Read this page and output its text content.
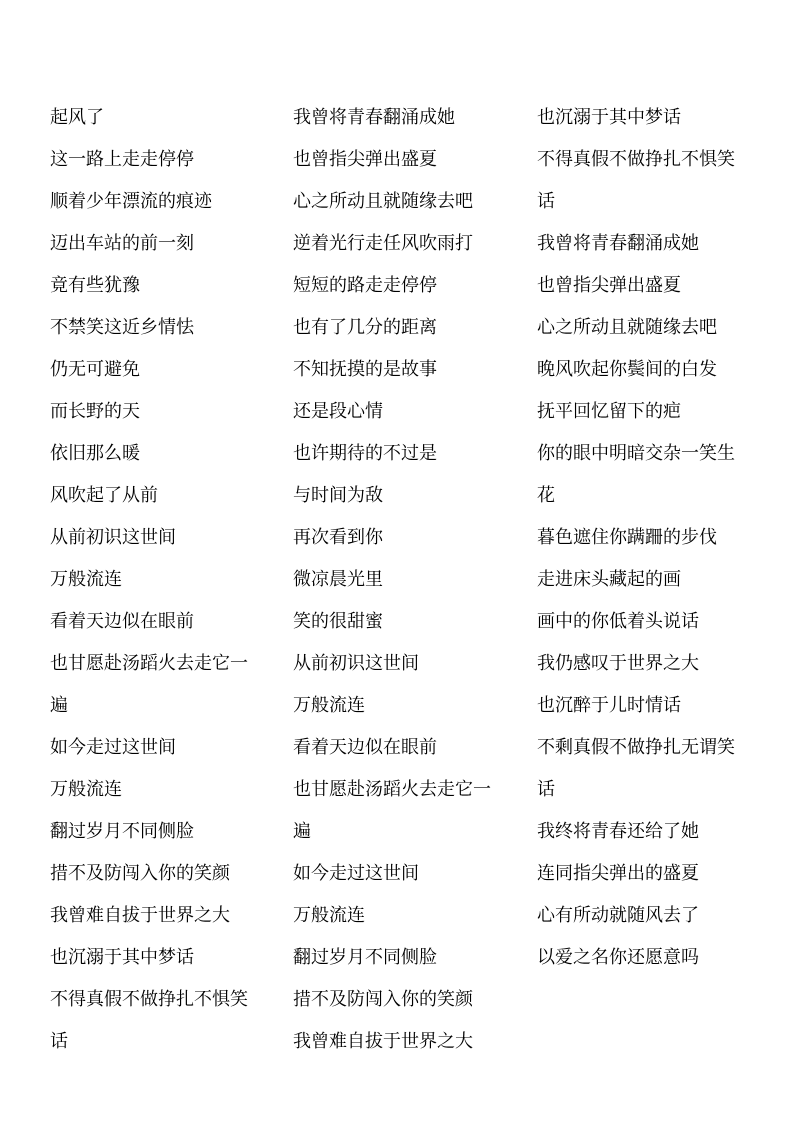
起风了
这一路上走走停停
顺着少年漂流的痕迹
迈出车站的前一刻
竟有些犹豫
不禁笑这近乡情怯
仍无可避免
而长野的天
依旧那么暖
风吹起了从前
从前初识这世间
万般流连
看着天边似在眼前
也甘愿赴汤蹈火去走它一
遍
如今走过这世间
万般流连
翻过岁月不同侧脸
措不及防闯入你的笑颜
我曾难自拔于世界之大
也沉溺于其中梦话
不得真假不做挣扎不惧笑
话
我曾将青春翻涌成她
也曾指尖弹出盛夏
心之所动且就随缘去吧
逆着光行走任风吹雨打
短短的路走走停停
也有了几分的距离
不知抚摸的是故事
还是段心情
也许期待的不过是
与时间为敌
再次看到你
微凉晨光里
笑的很甜蜜
从前初识这世间
万般流连
看着天边似在眼前
也甘愿赴汤蹈火去走它一
遍
如今走过这世间
万般流连
翻过岁月不同侧脸
措不及防闯入你的笑颜
我曾难自拔于世界之大
也沉溺于其中梦话
不得真假不做挣扎不惧笑
话
我曾将青春翻涌成她
也曾指尖弹出盛夏
心之所动且就随缘去吧
晚风吹起你鬓间的白发
抚平回忆留下的疤
你的眼中明暗交杂一笑生
花
暮色遮住你蹒跚的步伐
走进床头藏起的画
画中的你低着头说话
我仍感叹于世界之大
也沉醉于儿时情话
不剩真假不做挣扎无谓笑
话
我终将青春还给了她
连同指尖弹出的盛夏
心有所动就随风去了
以爱之名你还愿意吗
